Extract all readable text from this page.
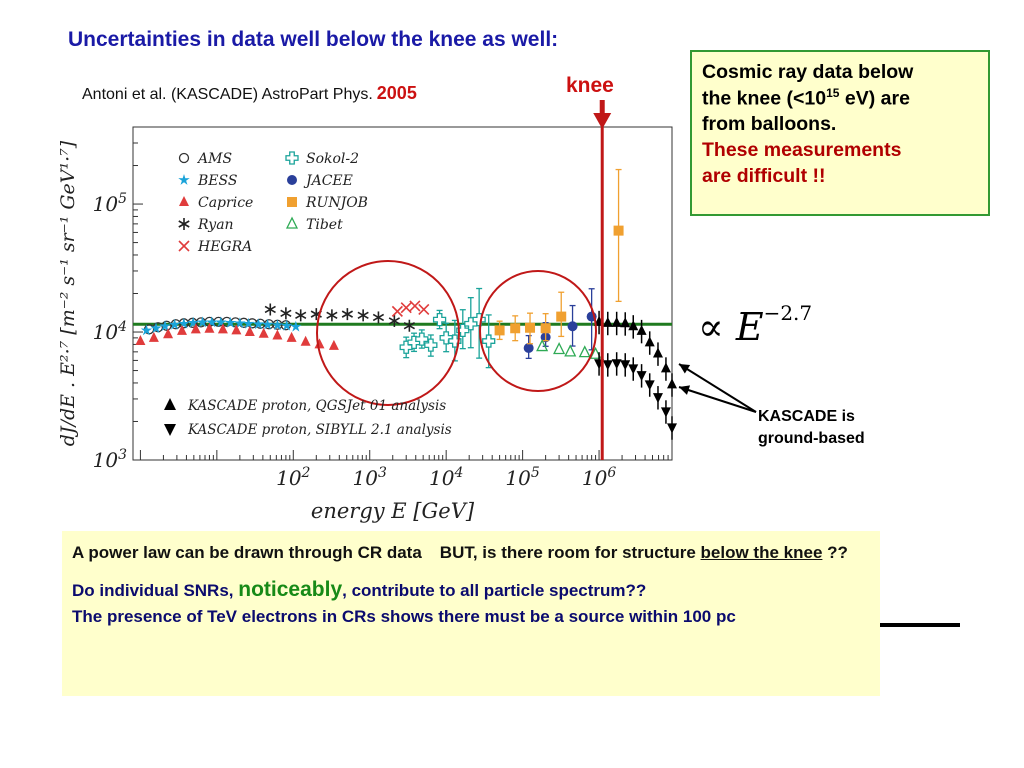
$10^2$ $10^3$ $10^4$ $10^5$ $10^6$
$10^3$
$10^4$
$10^5$
energy E [GeV]
dJ/dE . E²·⁷ [m⁻² s⁻¹ sr⁻¹ GeV¹·⁷]	AMS
BESS
Caprice
Ryan
HEGRA
Sokol-2
JACEE
RUNJOB
Tibet
KASCADE proton, QGSJet 01 analysis
KASCADE proton, SIBYLL 2.1 analysis
Uncertainties in data well below the knee as well:
Antoni et al. (KASCADE) AstroPart Phys. 2005	knee
Cosmic ray data below
the knee ($<10^{15}$ eV) are
from balloons.
These measurements
are difficult !!
∝ $E^{-2.7}$
KASCADE is
ground-based

A power law can be drawn through CR data BUT, is there room for structure below the knee ??

Do individual SNRs, noticeably, contribute to all particle spectrum??

The presence of TeV electrons in CRs shows there must be a source within 100 pc
